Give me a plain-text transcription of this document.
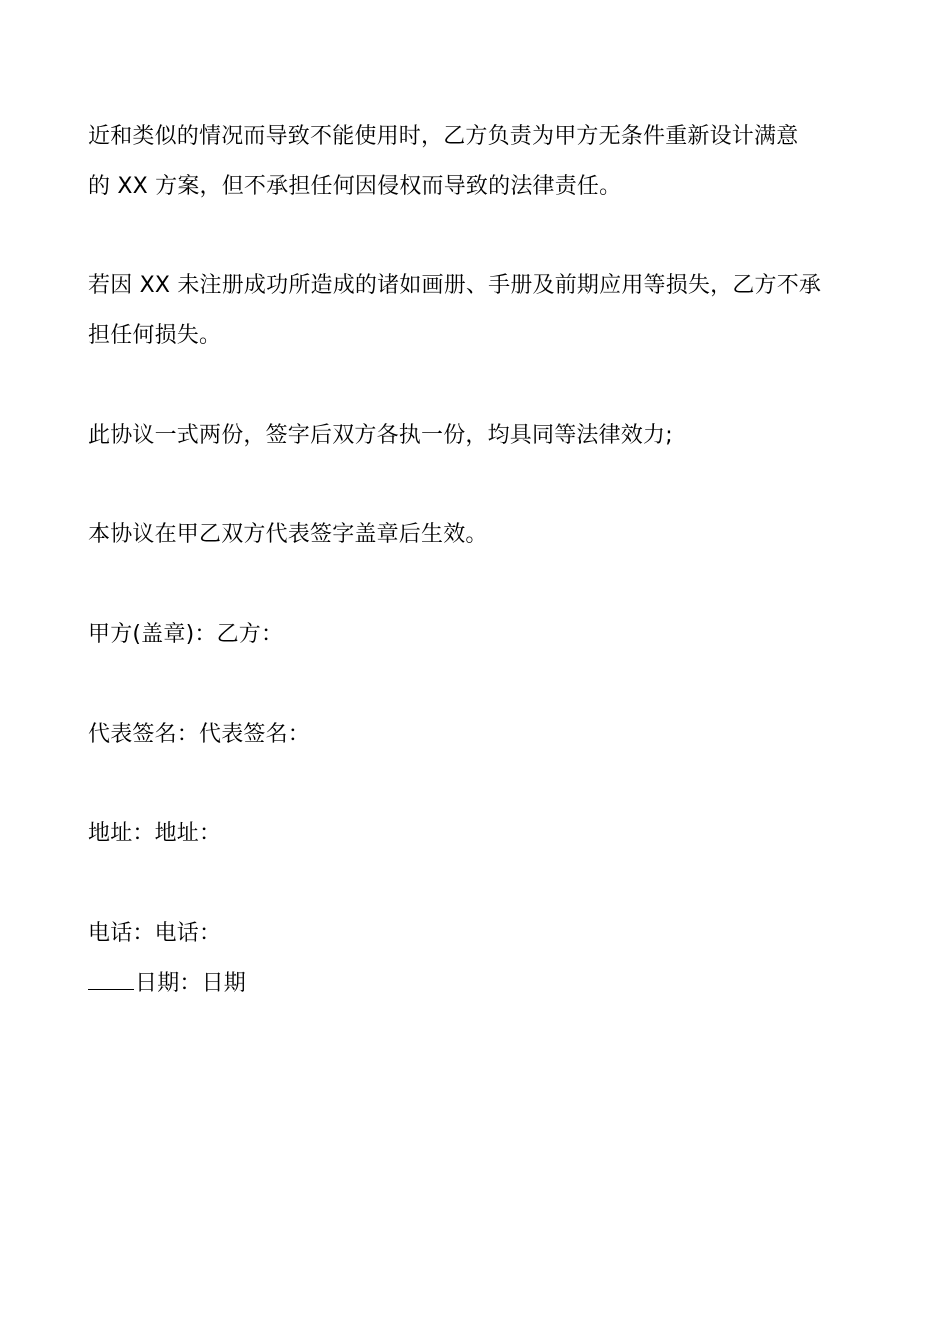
近和类似的情况而导致不能使用时，乙方负责为甲方无条件重新设计满意
的 XX 方案，但不承担任何因侵权而导致的法律责任。
若因 XX 未注册成功所造成的诸如画册、手册及前期应用等损失，乙方不承
担任何损失。
此协议一式两份，签字后双方各执一份，均具同等法律效力;
本协议在甲乙双方代表签字盖章后生效。
甲方(盖章)：乙方：
代表签名：代表签名：
地址：地址：
电话：电话：
日期：日期
